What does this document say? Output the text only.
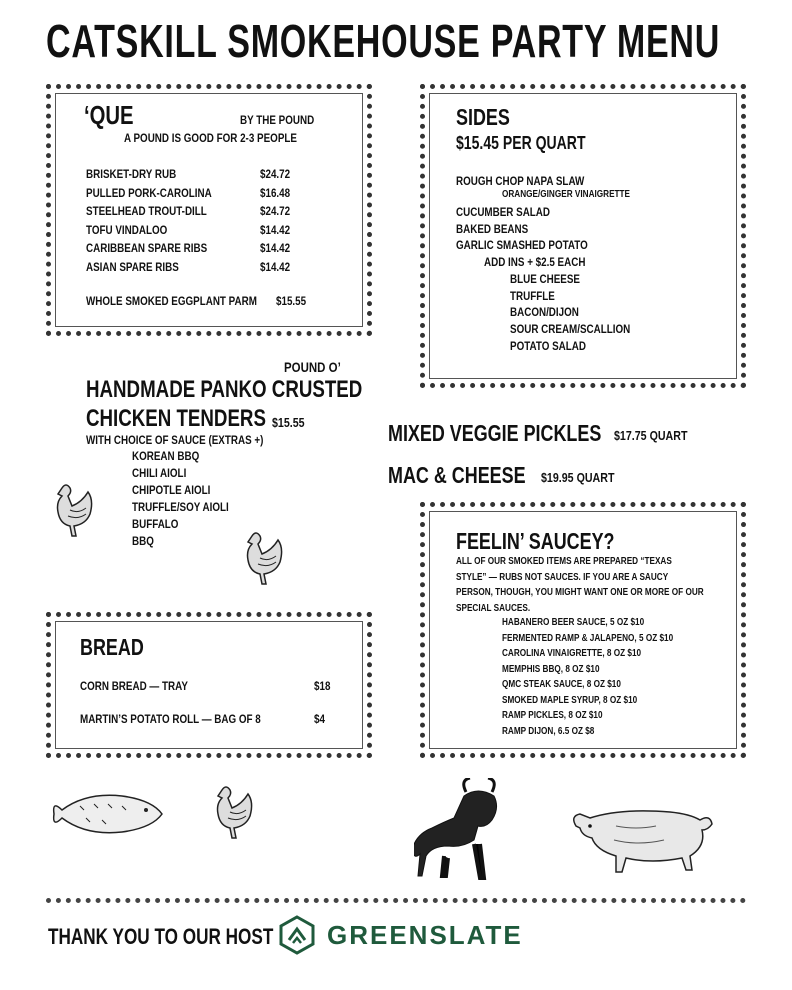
CATSKILL SMOKEHOUSE PARTY MENU
‘QUE	BY THE POUND
A POUND IS GOOD FOR 2-3 PEOPLE
BRISKET-DRY RUB	$24.72
PULLED PORK-CAROLINA	$16.48
STEELHEAD TROUT-DILL	$24.72
TOFU VINDALOO	$14.42
CARIBBEAN SPARE RIBS	$14.42
ASIAN SPARE RIBS	$14.42
WHOLE SMOKED EGGPLANT PARM $15.55
SIDES
$15.45 PER QUART
ROUGH CHOP NAPA SLAW
ORANGE/GINGER VINAIGRETTE
CUCUMBER SALAD
BAKED BEANS
GARLIC SMASHED POTATO
ADD INS + $2.5 EACH
BLUE CHEESE
TRUFFLE
BACON/DIJON
SOUR CREAM/SCALLION
POTATO SALAD
POUND O’
HANDMADE PANKO CRUSTED
CHICKEN TENDERS $15.55
WITH CHOICE OF SAUCE (EXTRAS +)
KOREAN BBQ
CHILI AIOLI
CHIPOTLE AIOLI
TRUFFLE/SOY AIOLI
BUFFALO
BBQ
MIXED VEGGIE PICKLES $17.75 QUART
MAC & CHEESE $19.95 QUART
FEELIN’ SAUCEY?
ALL OF OUR SMOKED ITEMS ARE PREPARED “TEXAS
STYLE” — RUBS NOT SAUCES. IF YOU ARE A SAUCY
PERSON, THOUGH, YOU MIGHT WANT ONE OR MORE OF OUR
SPECIAL SAUCES.
HABANERO BEER SAUCE, 5 OZ $10
FERMENTED RAMP & JALAPENO, 5 OZ $10
CAROLINA VINAIGRETTE, 8 OZ $10
MEMPHIS BBQ, 8 OZ $10
QMC STEAK SAUCE, 8 OZ $10
SMOKED MAPLE SYRUP, 8 OZ $10
RAMP PICKLES, 8 OZ $10
RAMP DIJON, 6.5 OZ $8
BREAD
CORN BREAD — TRAY	$18
MARTIN’S POTATO ROLL — BAG OF 8	$4
THANK YOU TO OUR HOST GREENSLATE
